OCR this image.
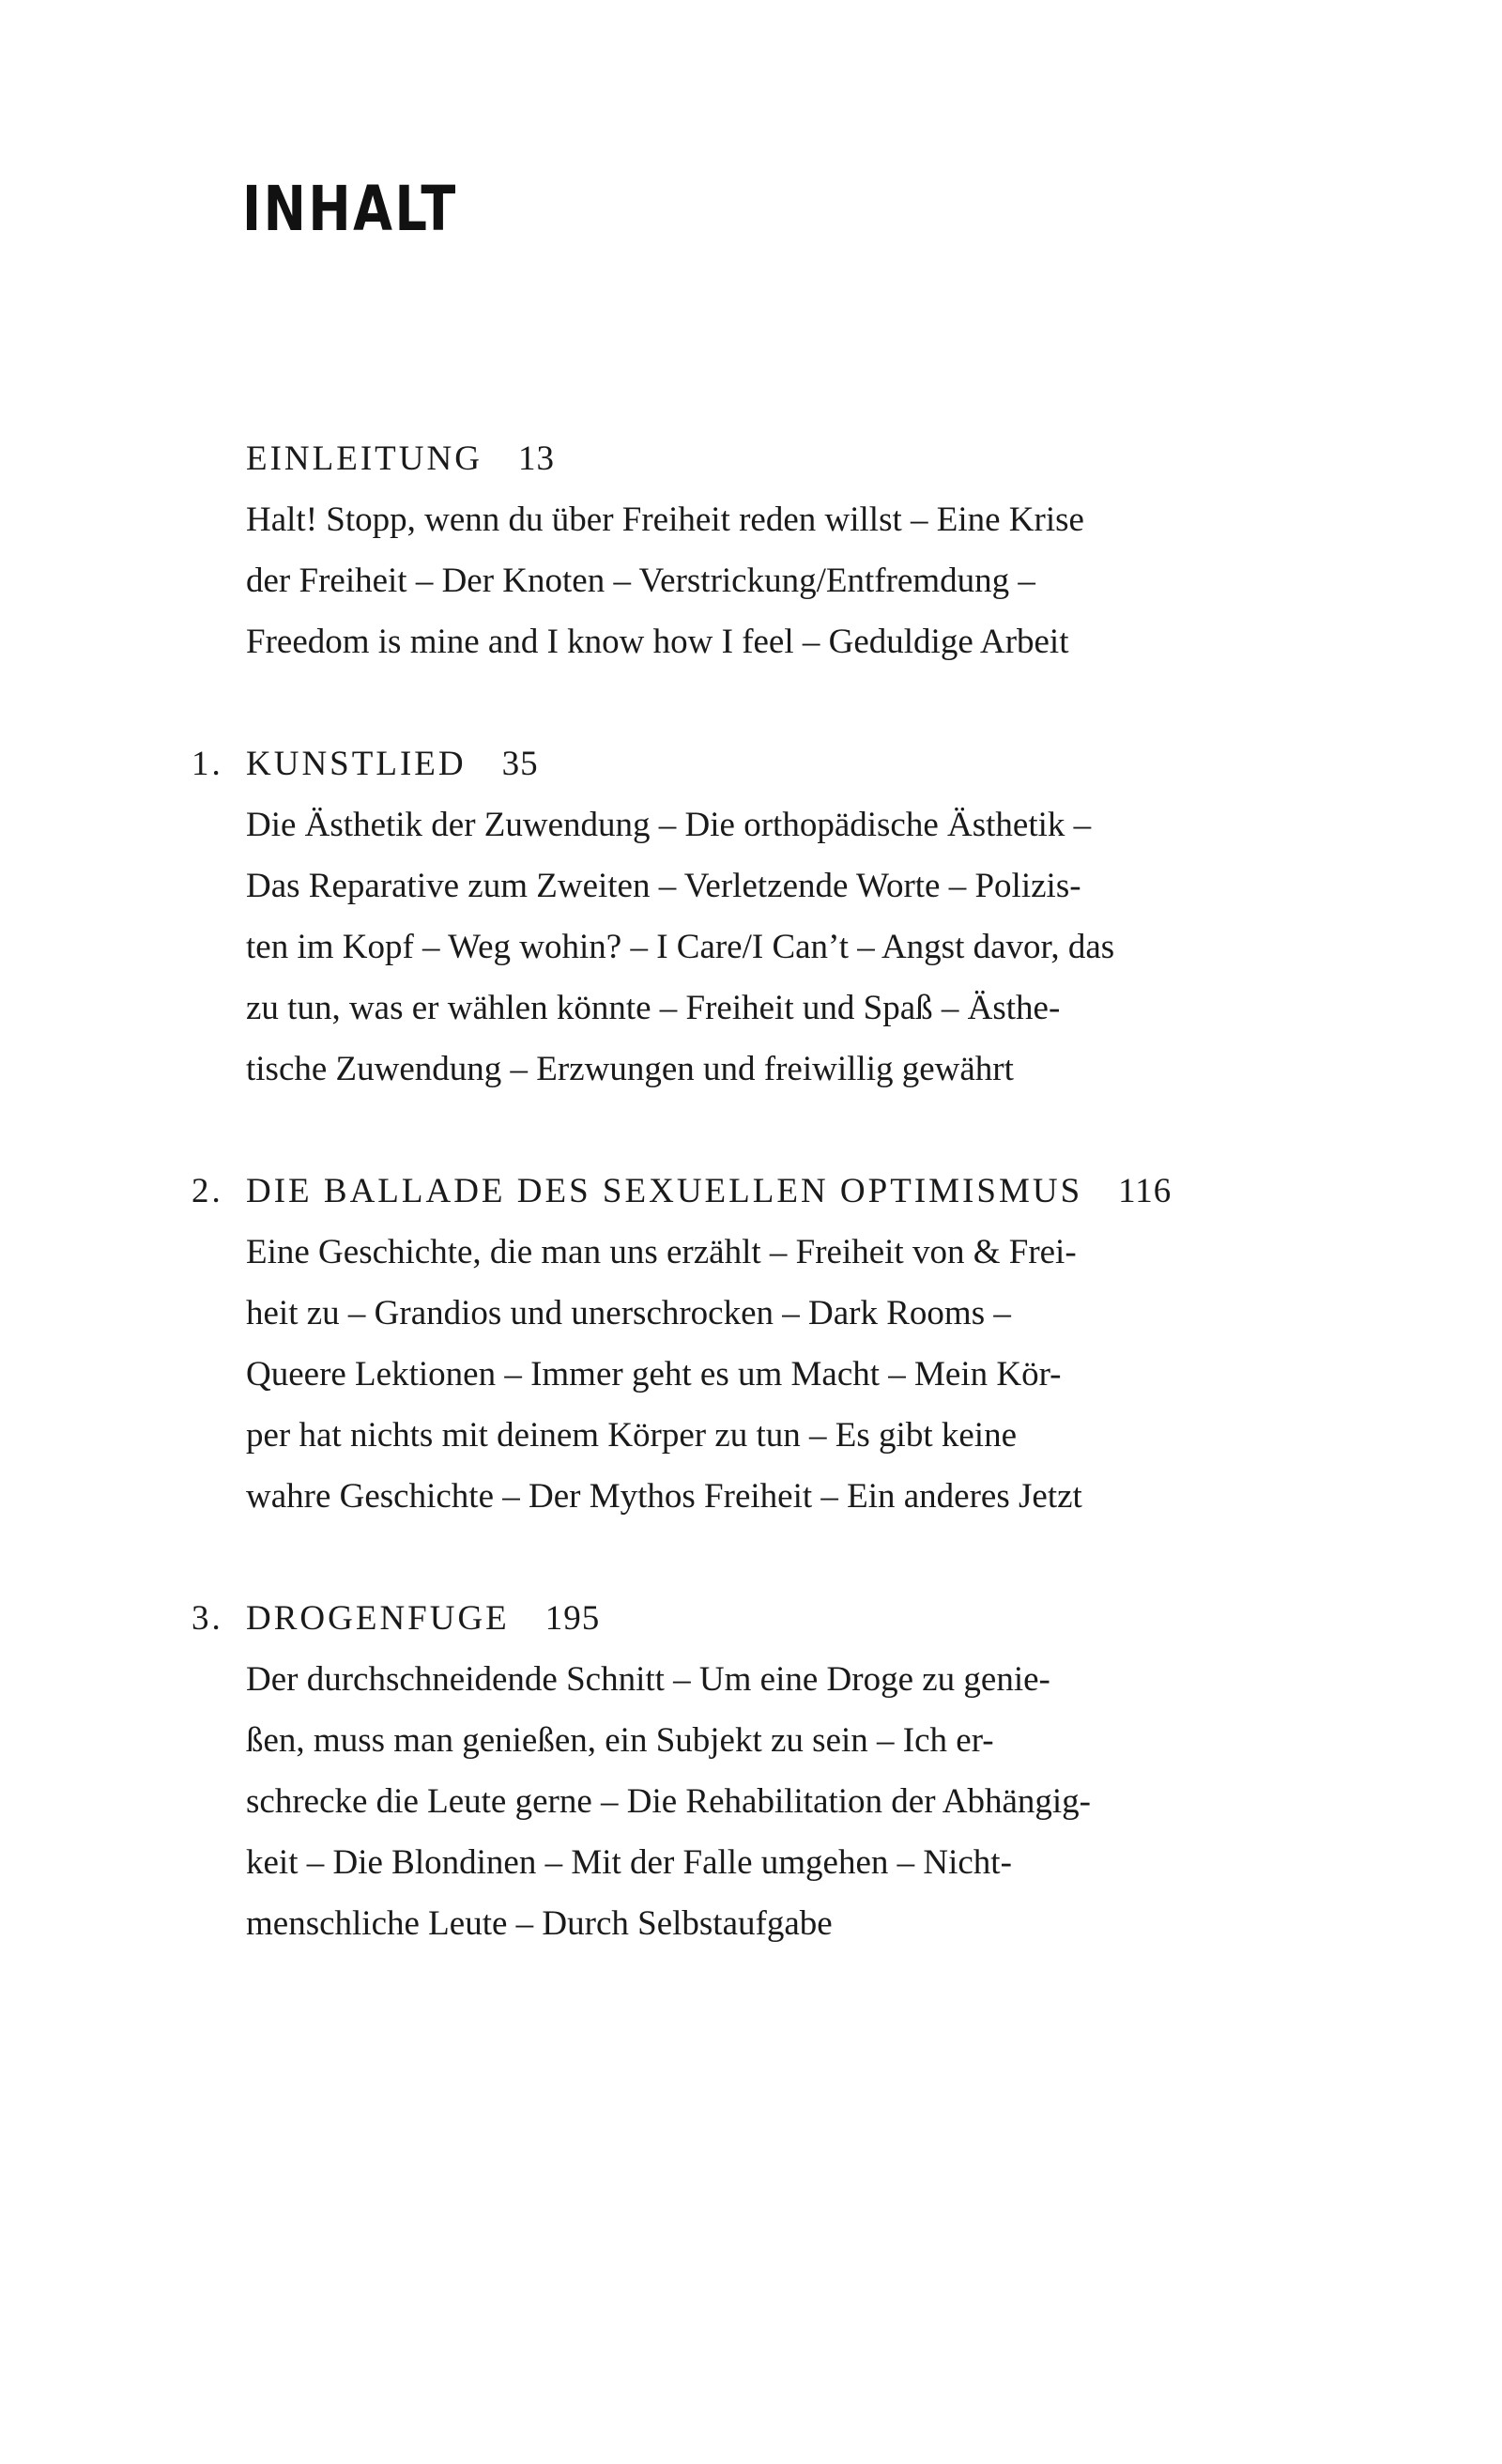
INHALT
EINLEITUNG 13
Halt! Stopp, wenn du über Freiheit reden willst – Eine Krise
der Freiheit – Der Knoten – Verstrickung/Entfremdung –
Freedom is mine and I know how I feel – Geduldige Arbeit
1. KUNSTLIED 35
Die Ästhetik der Zuwendung – Die orthopädische Ästhetik –
Das Reparative zum Zweiten – Verletzende Worte – Polizis-
ten im Kopf – Weg wohin? – I Care/I Can’t – Angst davor, das
zu tun, was er wählen könnte – Freiheit und Spaß – Ästhe-
tische Zuwendung – Erzwungen und freiwillig gewährt
2. DIE BALLADE DES SEXUELLEN OPTIMISMUS 116
Eine Geschichte, die man uns erzählt – Freiheit von & Frei-
heit zu – Grandios und unerschrocken – Dark Rooms –
Queere Lektionen – Immer geht es um Macht – Mein Kör-
per hat nichts mit deinem Körper zu tun – Es gibt keine
wahre Geschichte – Der Mythos Freiheit – Ein anderes Jetzt
3. DROGENFUGE 195
Der durchschneidende Schnitt – Um eine Droge zu genie-
ßen, muss man genießen, ein Subjekt zu sein – Ich er-
schrecke die Leute gerne – Die Rehabilitation der Abhängig-
keit – Die Blondinen – Mit der Falle umgehen – Nicht-
menschliche Leute – Durch Selbstaufgabe
